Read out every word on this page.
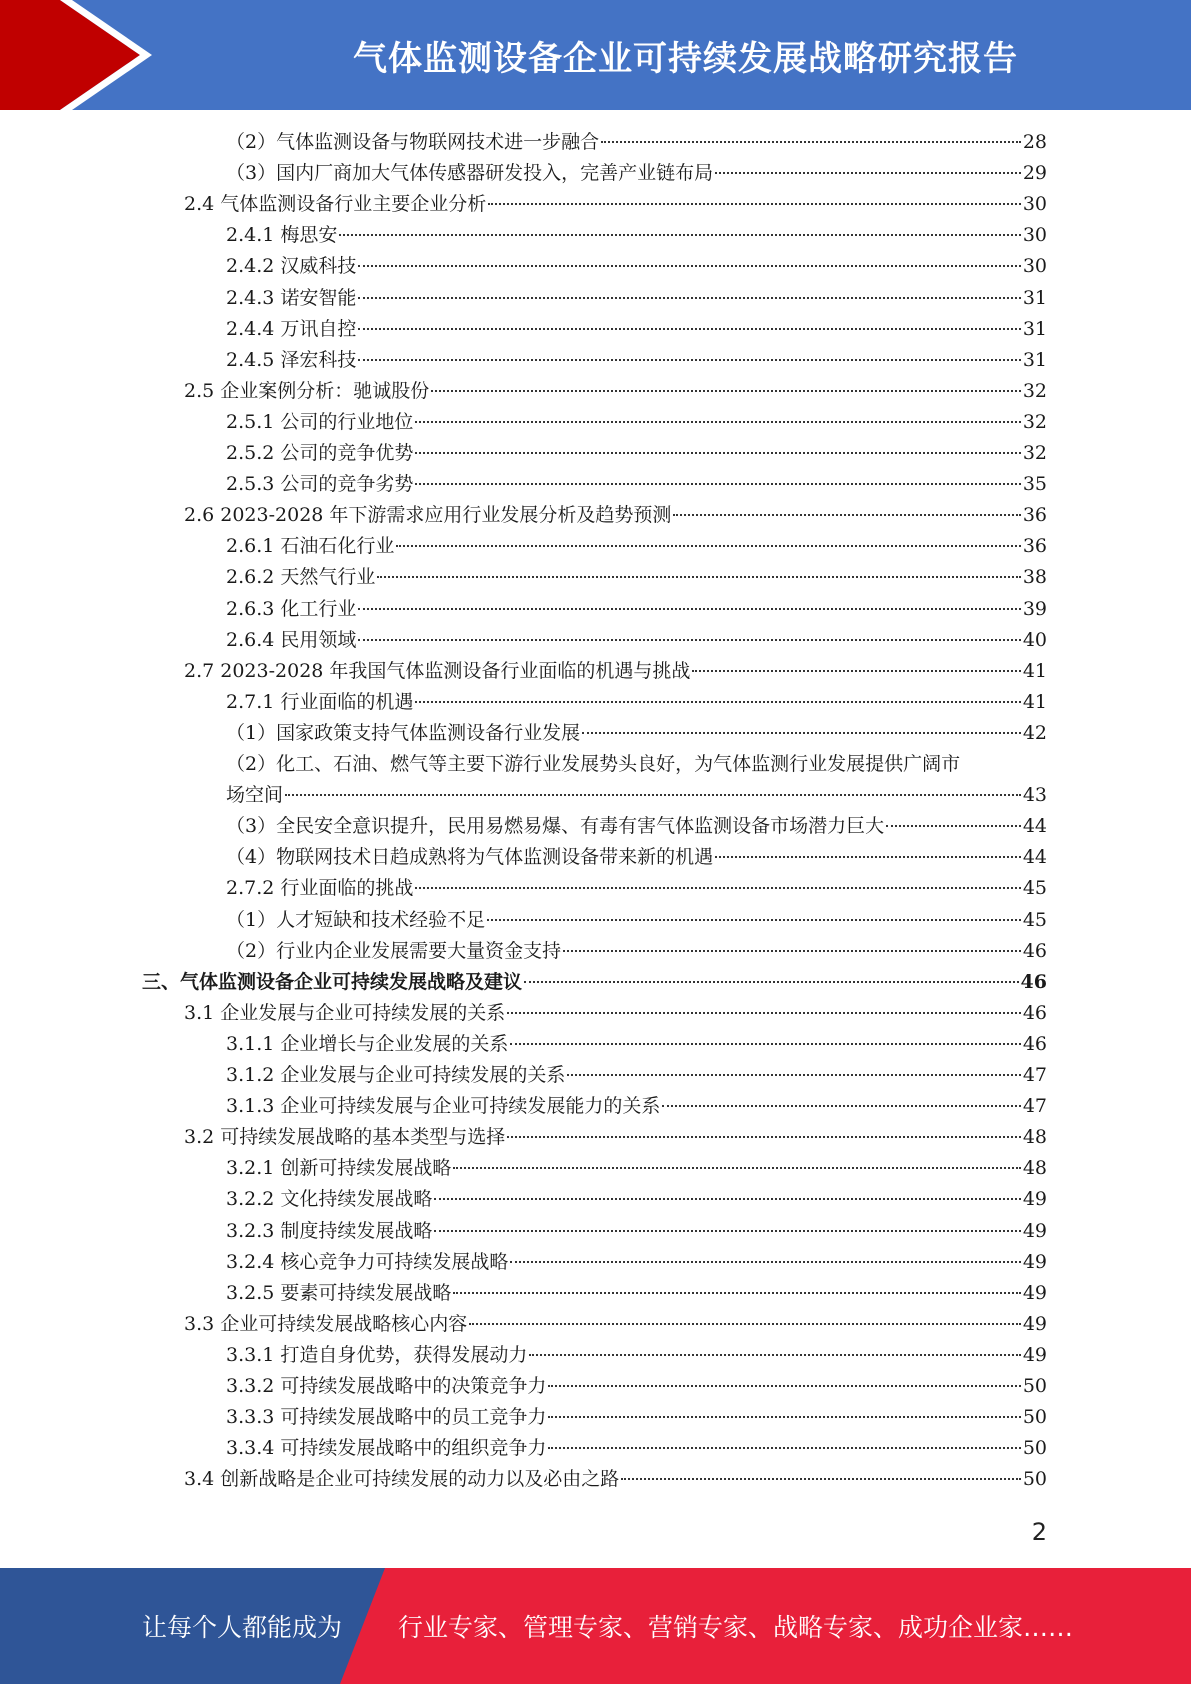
气体监测设备企业可持续发展战略研究报告
（2）气体监测设备与物联网技术进一步融合	28
（3）国内厂商加大气体传感器研发投入，完善产业链布局	29
2.4 气体监测设备行业主要企业分析	30
2.4.1 梅思安	30
2.4.2 汉威科技	30
2.4.3 诺安智能	31
2.4.4 万讯自控	31
2.4.5 泽宏科技	31
2.5 企业案例分析：驰诚股份	32
2.5.1 公司的行业地位	32
2.5.2 公司的竞争优势	32
2.5.3 公司的竞争劣势	35
2.6 2023-2028 年下游需求应用行业发展分析及趋势预测	36
2.6.1 石油石化行业	36
2.6.2 天然气行业	38
2.6.3 化工行业	39
2.6.4 民用领域	40
2.7 2023-2028 年我国气体监测设备行业面临的机遇与挑战	41
2.7.1 行业面临的机遇	41
（1）国家政策支持气体监测设备行业发展	42
（2）化工、石油、燃气等主要下游行业发展势头良好，为气体监测行业发展提供广阔市
场空间	43
（3）全民安全意识提升，民用易燃易爆、有毒有害气体监测设备市场潜力巨大	44
（4）物联网技术日趋成熟将为气体监测设备带来新的机遇	44
2.7.2 行业面临的挑战	45
（1）人才短缺和技术经验不足	45
（2）行业内企业发展需要大量资金支持	46
三、气体监测设备企业可持续发展战略及建议	46
3.1 企业发展与企业可持续发展的关系	46
3.1.1 企业增长与企业发展的关系	46
3.1.2 企业发展与企业可持续发展的关系	47
3.1.3 企业可持续发展与企业可持续发展能力的关系	47
3.2 可持续发展战略的基本类型与选择	48
3.2.1 创新可持续发展战略	48
3.2.2 文化持续发展战略	49
3.2.3 制度持续发展战略	49
3.2.4 核心竞争力可持续发展战略	49
3.2.5 要素可持续发展战略	49
3.3 企业可持续发展战略核心内容	49
3.3.1 打造自身优势，获得发展动力	49
3.3.2 可持续发展战略中的决策竞争力	50
3.3.3 可持续发展战略中的员工竞争力	50
3.3.4 可持续发展战略中的组织竞争力	50
3.4 创新战略是企业可持续发展的动力以及必由之路	50
2
让每个人都能成为 行业专家、管理专家、营销专家、战略专家、成功企业家……
